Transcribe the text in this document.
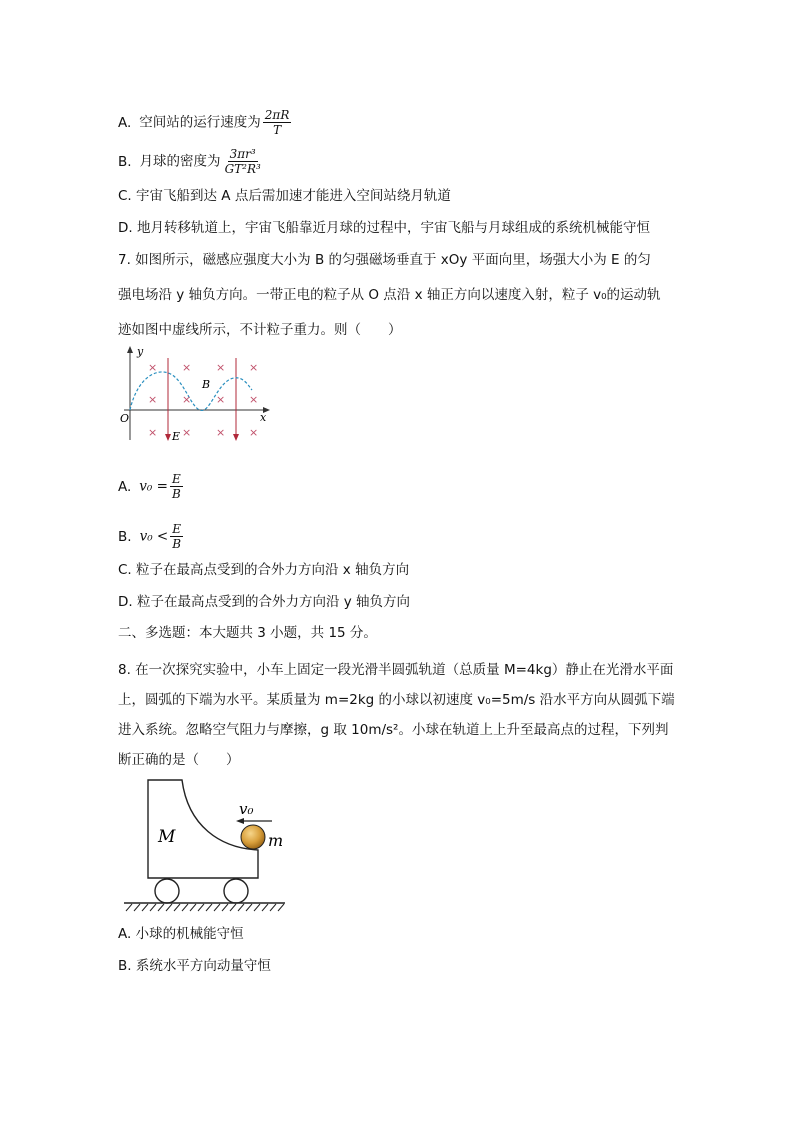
A. 空间站的运行速度为 $\frac{2\pi R}{T}$
B. 月球的密度为 $\frac{\text{3πr³}}{\text{GT²R³}}$
C. 宇宙飞船到达 A 点后需加速才能进入空间站绕月轨道
D. 地月转移轨道上，宇宙飞船靠近月球的过程中，宇宙飞船与月球组成的系统机械能守恒
7. 如图所示，磁感应强度大小为 B 的匀强磁场垂直于 xOy 平面向里，场强大小为 E 的匀
强电场沿 y 轴负方向。一带正电的粒子从 O 点沿 x 轴正方向以速度入射，粒子 v₀的运动轨
迹如图中虚线所示，不计粒子重力。则（　　）
y
x
O
E
B
× × × ×
× × × ×
× × × ×
A. $v_0 = \frac{E}{B}$
B. $v_0 < \frac{E}{B}$
C. 粒子在最高点受到的合外力方向沿 x 轴负方向
D. 粒子在最高点受到的合外力方向沿 y 轴负方向
二、多选题：本大题共 3 小题，共 15 分。
8. 在一次探究实验中，小车上固定一段光滑半圆弧轨道（总质量 M=4kg）静止在光滑水平面上，圆弧的下端为水平。某质量为 m=2kg 的小球以初速度 v₀=5m/s 沿水平方向从圆弧下端进入系统。忽略空气阻力与摩擦，g 取 10m/s²。小球在轨道上上升至最高点的过程，下列判断正确的是（　　）
M	m
v₀
A. 小球的机械能守恒
B. 系统水平方向动量守恒
